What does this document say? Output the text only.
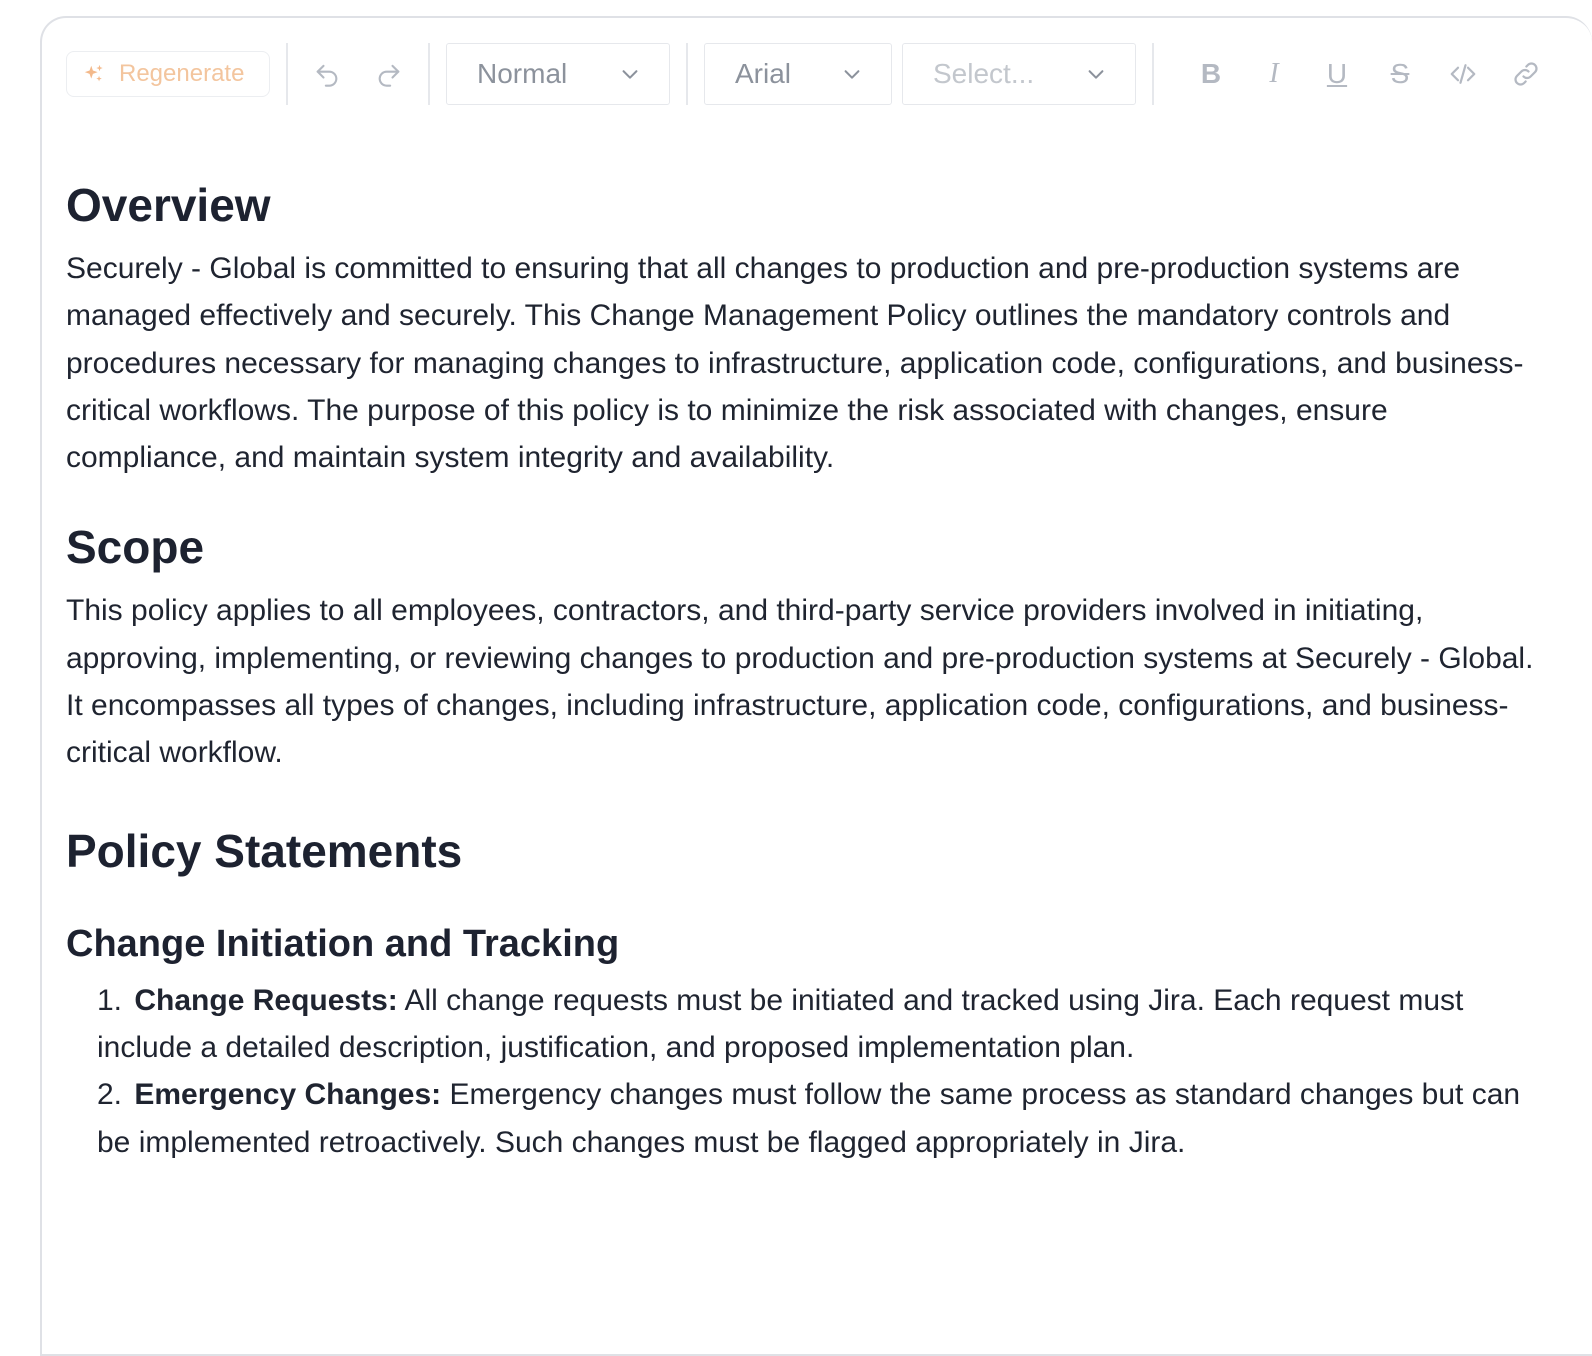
Regenerate	Normal	Arial	Select...	B I U S
Overview

Securely - Global is committed to ensuring that all changes to production and pre-production systems are managed effectively and securely. This Change Management Policy outlines the mandatory controls and procedures necessary for managing changes to infrastructure, application code, configurations, and business-critical workflows. The purpose of this policy is to minimize the risk associated with changes, ensure compliance, and maintain system integrity and availability.

Scope

This policy applies to all employees, contractors, and third-party service providers involved in initiating, approving, implementing, or reviewing changes to production and pre-production systems at Securely - Global. It encompasses all types of changes, including infrastructure, application code, configurations, and business-critical workflow.

Policy Statements
Change Initiation and Tracking
1. Change Requests: All change requests must be initiated and tracked using Jira. Each request must include a detailed description, justification, and proposed implementation plan.
2. Emergency Changes: Emergency changes must follow the same process as standard changes but can be implemented retroactively. Such changes must be flagged appropriately in Jira.
